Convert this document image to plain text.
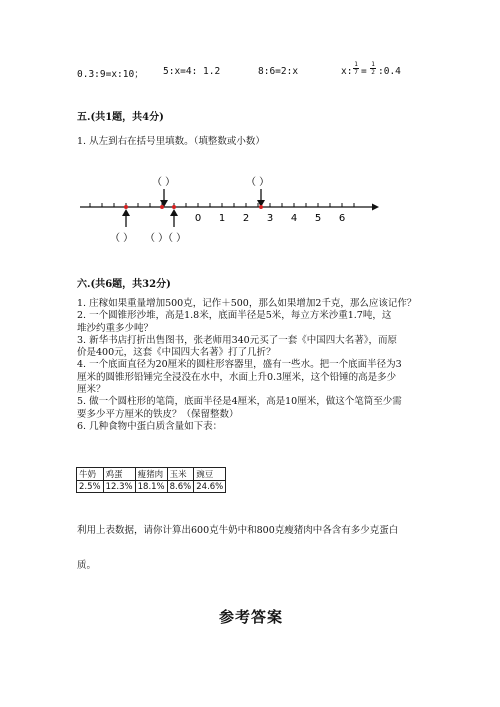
0.3:9=x:10； 5:x=4: 1.2	8:6=2:x	x:
1
7 =
1
2 :0.4
五.(共1题，共4分)
1. 从左到右在括号里填数。（填整数或小数）
（ ）	（ ）
0 1 2 3 4 5 6
（ ） （ ）
（ ）
六.(共6题，共32分)

1. 庄稼如果重量增加500克，记作＋500，那么如果增加2千克，那么应该记作？

2. 一个圆锥形沙堆，高是1.8米，底面半径是5米，每立方米沙重1.7吨，这

堆沙约重多少吨？

3. 新华书店打折出售图书，张老师用340元买了一套《中国四大名著》，而原

价是400元，这套《中国四大名著》打了几折？

4. 一个底面直径为20厘米的圆柱形容器里，盛有一些水。把一个底面半径为3

厘米的圆锥形铅锤完全浸没在水中，水面上升0.3厘米，这个铅锤的高是多少

厘米？

5. 做一个圆柱形的笔筒，底面半径是4厘米，高是10厘米，做这个笔筒至少需

要多少平方厘米的铁皮？（保留整数）

6. 几种食物中蛋白质含量如下表：

牛奶	鸡蛋	瘦猪肉	玉米	豌豆
2.5%	12.3%	18.1%	8.6%	24.6%
利用上表数据，请你计算出600克牛奶中和800克瘦猪肉中各含有多少克蛋白
质。
参考答案
